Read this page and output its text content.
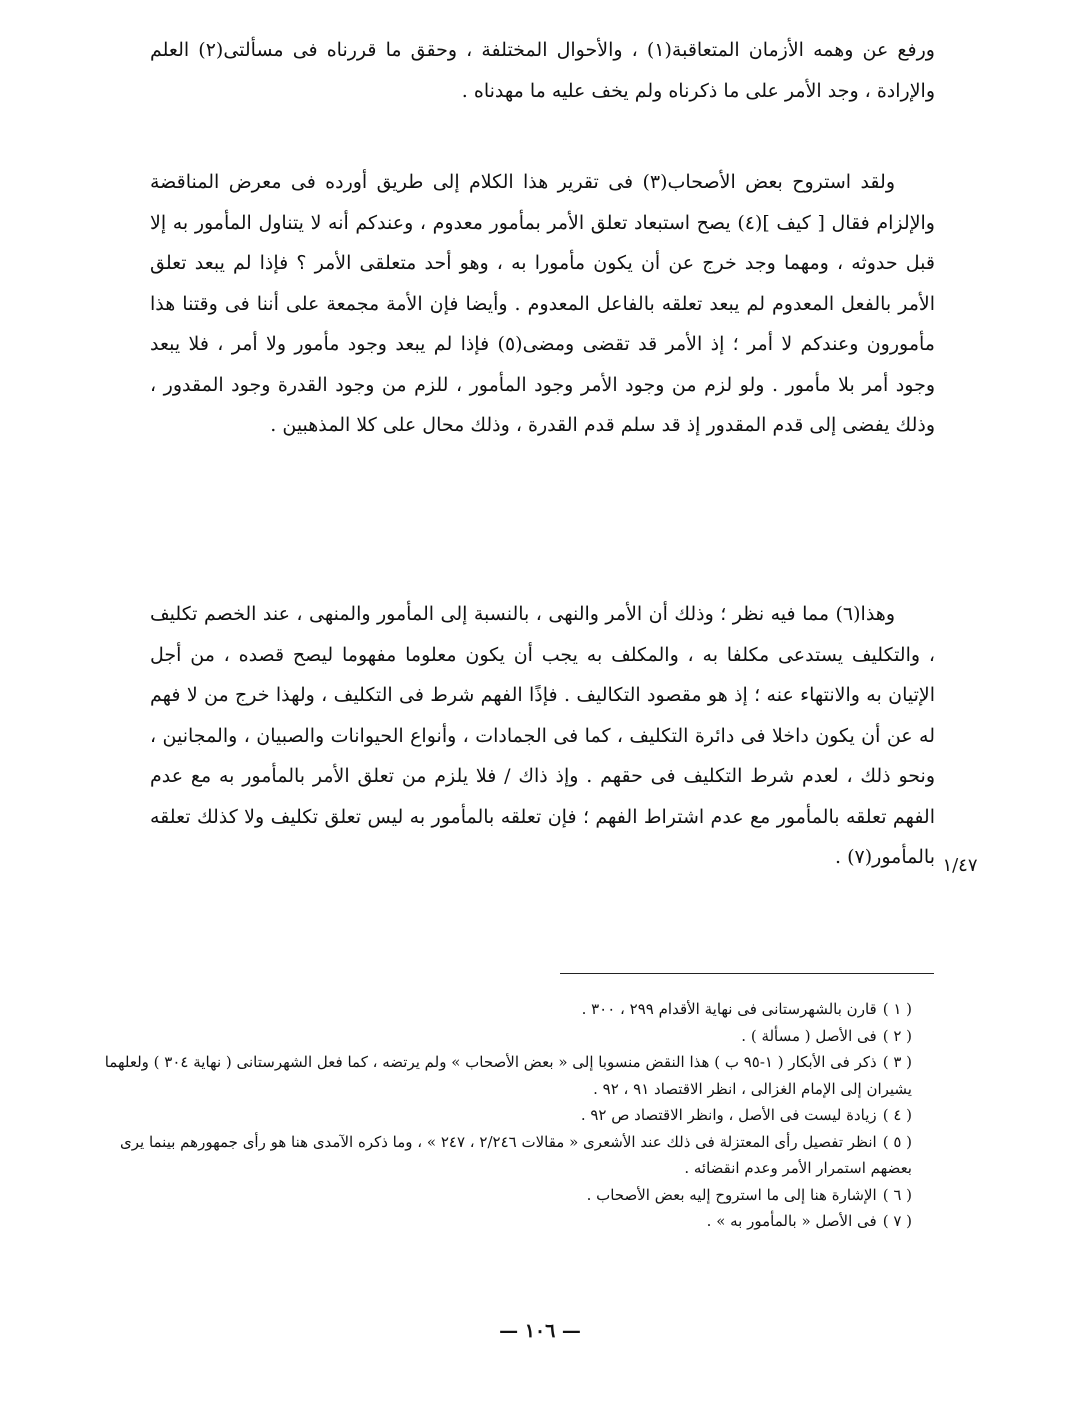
ورفع عن وهمه الأزمان المتعاقبة(١) ، والأحوال المختلفة ، وحقق ما قررناه فى مسألتى(٢) العلم والإرادة ، وجد الأمر على ما ذكرناه ولم يخف عليه ما مهدناه .

ولقد استروح بعض الأصحاب(٣) فى تقرير هذا الكلام إلى طريق أورده فى معرض المناقضة والإلزام فقال [ كيف ](٤) يصح استبعاد تعلق الأمر بمأمور معدوم ، وعندكم أنه لا يتناول المأمور به إلا قبل حدوثه ، ومهما وجد خرج عن أن يكون مأمورا به ، وهو أحد متعلقى الأمر ؟ فإذا لم يبعد تعلق الأمر بالفعل المعدوم لم يبعد تعلقه بالفاعل المعدوم . وأيضا فإن الأمة مجمعة على أننا فى وقتنا هذا مأمورون وعندكم لا أمر ؛ إذ الأمر قد تقضى ومضى(٥) فإذا لم يبعد وجود مأمور ولا أمر ، فلا يبعد وجود أمر بلا مأمور . ولو لزم من وجود الأمر وجود المأمور ، للزم من وجود القدرة وجود المقدور ، وذلك يفضى إلى قدم المقدور إذ قد سلم قدم القدرة ، وذلك محال على كلا المذهبين .

وهذا(٦) مما فيه نظر ؛ وذلك أن الأمر والنهى ، بالنسبة إلى المأمور والمنهى ، عند الخصم تكليف ، والتكليف يستدعى مكلفا به ، والمكلف به يجب أن يكون معلوما مفهوما ليصح قصده ، من أجل الإتيان به والانتهاء عنه ؛ إذ هو مقصود التكاليف . فإذًا الفهم شرط فى التكليف ، ولهذا خرج من لا فهم له عن أن يكون داخلا فى دائرة التكليف ، كما فى الجمادات ، وأنواع الحيوانات والصبيان ، والمجانين ، ونحو ذلك ، لعدم شرط التكليف فى حقهم . وإذ ذاك / فلا يلزم من تعلق الأمر بالمأمور به مع عدم الفهم تعلقه بالمأمور مع عدم اشتراط الفهم ؛ فإن تعلقه بالمأمور به ليس تعلق تكليف ولا كذلك تعلقه بالمأمور(٧) . ١/٤٧
( ١ )قارن بالشهرستانى فى نهاية الأقدام ٢٩٩ ، ٣٠٠ .
( ٢ )فى الأصل ( مسألة ) .
( ٣ )ذكر فى الأبكار ( ١-٩٥ ب ) هذا النقض منسوبا إلى « بعض الأصحاب » ولم يرتضه ، كما فعل الشهرستانى ( نهاية ٣٠٤ ) ولعلهما يشيران إلى الإمام الغزالى ، انظر الاقتصاد ٩١ ، ٩٢ .
( ٤ )زيادة ليست فى الأصل ، وانظر الاقتصاد ص ٩٢ .
( ٥ )انظر تفصيل رأى المعتزلة فى ذلك عند الأشعرى « مقالات ٢/٢٤٦ ، ٢٤٧ » ، وما ذكره الآمدى هنا هو رأى جمهورهم بينما يرى بعضهم استمرار الأمر وعدم انقضائه .
( ٦ )الإشارة هنا إلى ما استروح إليه بعض الأصحاب .
( ٧ )فى الأصل « بالمأمور به » .
— ١٠٦ —
